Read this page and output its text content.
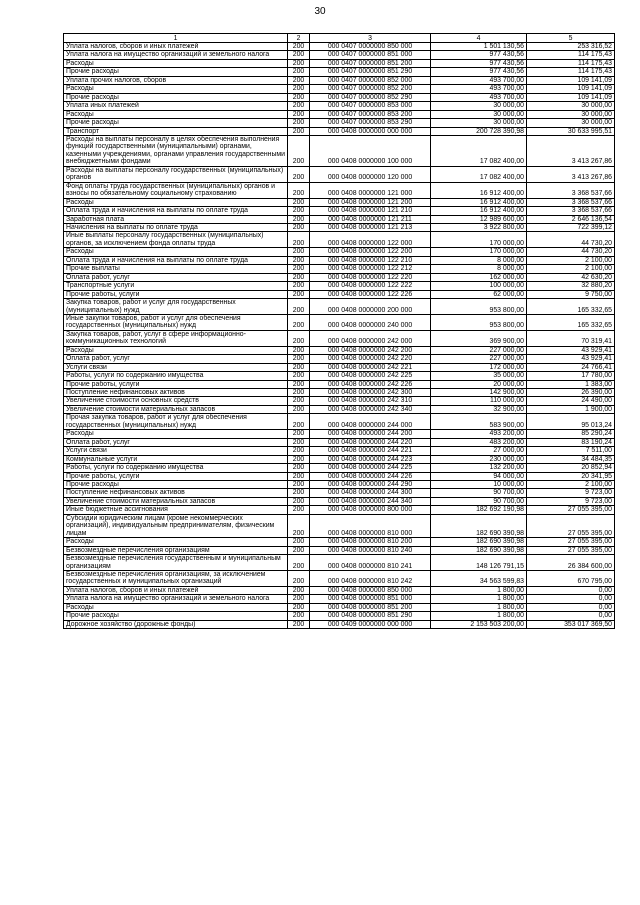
30
1	2	3	4	5
Уплата налогов, сборов и иных платежей	200	000 0407 0000000 850 000	1 501 130,56	253 316,52
Уплата налога на имущество организаций и земельного налога	200	000 0407 0000000 851 000	977 430,56	114 175,43
Расходы	200	000 0407 0000000 851 200	977 430,56	114 175,43
Прочие расходы	200	000 0407 0000000 851 290	977 430,56	114 175,43
Уплата прочих налогов, сборов	200	000 0407 0000000 852 000	493 700,00	109 141,09
Расходы	200	000 0407 0000000 852 200	493 700,00	109 141,09
Прочие расходы	200	000 0407 0000000 852 290	493 700,00	109 141,09
Уплата иных платежей	200	000 0407 0000000 853 000	30 000,00	30 000,00
Расходы	200	000 0407 0000000 853 200	30 000,00	30 000,00
Прочие расходы	200	000 0407 0000000 853 290	30 000,00	30 000,00
Транспорт	200	000 0408 0000000 000 000	200 728 390,98	30 633 995,51
Расходы на выплаты персоналу в целях обеспечения выполнения функций государственными (муниципальными) органами, казенными учреждениями, органами управления государственными внебюджетными фондами	200	000 0408 0000000 100 000	17 082 400,00	3 413 267,86
Расходы на выплаты персоналу государственных (муниципальных) органов	200	000 0408 0000000 120 000	17 082 400,00	3 413 267,86
Фонд оплаты труда государственных (муниципальных) органов и взносы по обязательному социальному страхованию	200	000 0408 0000000 121 000	16 912 400,00	3 368 537,66
Расходы	200	000 0408 0000000 121 200	16 912 400,00	3 368 537,66
Оплата труда и начисления на выплаты по оплате труда	200	000 0408 0000000 121 210	16 912 400,00	3 368 537,66
Заработная плата	200	000 0408 0000000 121 211	12 989 600,00	2 646 136,54
Начисления на выплаты по оплате труда	200	000 0408 0000000 121 213	3 922 800,00	722 399,12
Иные выплаты персоналу государственных (муниципальных) органов, за исключением фонда оплаты труда	200	000 0408 0000000 122 000	170 000,00	44 730,20
Расходы	200	000 0408 0000000 122 200	170 000,00	44 730,20
Оплата труда и начисления на выплаты по оплате труда	200	000 0408 0000000 122 210	8 000,00	2 100,00
Прочие выплаты	200	000 0408 0000000 122 212	8 000,00	2 100,00
Оплата работ, услуг	200	000 0408 0000000 122 220	162 000,00	42 630,20
Транспортные услуги	200	000 0408 0000000 122 222	100 000,00	32 880,20
Прочие работы, услуги	200	000 0408 0000000 122 226	62 000,00	9 750,00
Закупка товаров, работ и услуг для государственных (муниципальных) нужд	200	000 0408 0000000 200 000	953 800,00	165 332,65
Иные закупки товаров, работ и услуг для обеспечения государственных (муниципальных) нужд	200	000 0408 0000000 240 000	953 800,00	165 332,65
Закупка товаров, работ, услуг в сфере информационно-коммуникационных технологий	200	000 0408 0000000 242 000	369 900,00	70 319,41
Расходы	200	000 0408 0000000 242 200	227 000,00	43 929,41
Оплата работ, услуг	200	000 0408 0000000 242 220	227 000,00	43 929,41
Услуги связи	200	000 0408 0000000 242 221	172 000,00	24 766,41
Работы, услуги по содержанию имущества	200	000 0408 0000000 242 225	35 000,00	17 780,00
Прочие работы, услуги	200	000 0408 0000000 242 226	20 000,00	1 383,00
Поступление нефинансовых активов	200	000 0408 0000000 242 300	142 900,00	26 390,00
Увеличение стоимости основных средств	200	000 0408 0000000 242 310	110 000,00	24 490,00
Увеличение стоимости материальных запасов	200	000 0408 0000000 242 340	32 900,00	1 900,00
Прочая закупка товаров, работ и услуг для обеспечения государственных (муниципальных) нужд	200	000 0408 0000000 244 000	583 900,00	95 013,24
Расходы	200	000 0408 0000000 244 200	493 200,00	85 290,24
Оплата работ, услуг	200	000 0408 0000000 244 220	483 200,00	83 190,24
Услуги связи	200	000 0408 0000000 244 221	27 000,00	7 511,00
Коммунальные услуги	200	000 0408 0000000 244 223	230 000,00	34 484,35
Работы, услуги по содержанию имущества	200	000 0408 0000000 244 225	132 200,00	20 852,94
Прочие работы, услуги	200	000 0408 0000000 244 226	94 000,00	20 341,95
Прочие расходы	200	000 0408 0000000 244 290	10 000,00	2 100,00
Поступление нефинансовых активов	200	000 0408 0000000 244 300	90 700,00	9 723,00
Увеличение стоимости материальных запасов	200	000 0408 0000000 244 340	90 700,00	9 723,00
Иные бюджетные ассигнования	200	000 0408 0000000 800 000	182 692 190,98	27 055 395,00
Субсидии юридическим лицам (кроме некоммерческих организаций), индивидуальным предпринимателям, физическим лицам	200	000 0408 0000000 810 000	182 690 390,98	27 055 395,00
Расходы	200	000 0408 0000000 810 200	182 690 390,98	27 055 395,00
Безвозмездные перечисления организациям	200	000 0408 0000000 810 240	182 690 390,98	27 055 395,00
Безвозмездные перечисления государственным и муниципальным организациям	200	000 0408 0000000 810 241	148 126 791,15	26 384 600,00
Безвозмездные перечисления организациям, за исключением государственных и муниципальных организаций	200	000 0408 0000000 810 242	34 563 599,83	670 795,00
Уплата налогов, сборов и иных платежей	200	000 0408 0000000 850 000	1 800,00	0,00
Уплата налога на имущество организаций и земельного налога	200	000 0408 0000000 851 000	1 800,00	0,00
Расходы	200	000 0408 0000000 851 200	1 800,00	0,00
Прочие расходы	200	000 0408 0000000 851 290	1 800,00	0,00
Дорожное хозяйство (дорожные фонды)	200	000 0409 0000000 000 000	2 153 503 200,00	353 017 369,50
